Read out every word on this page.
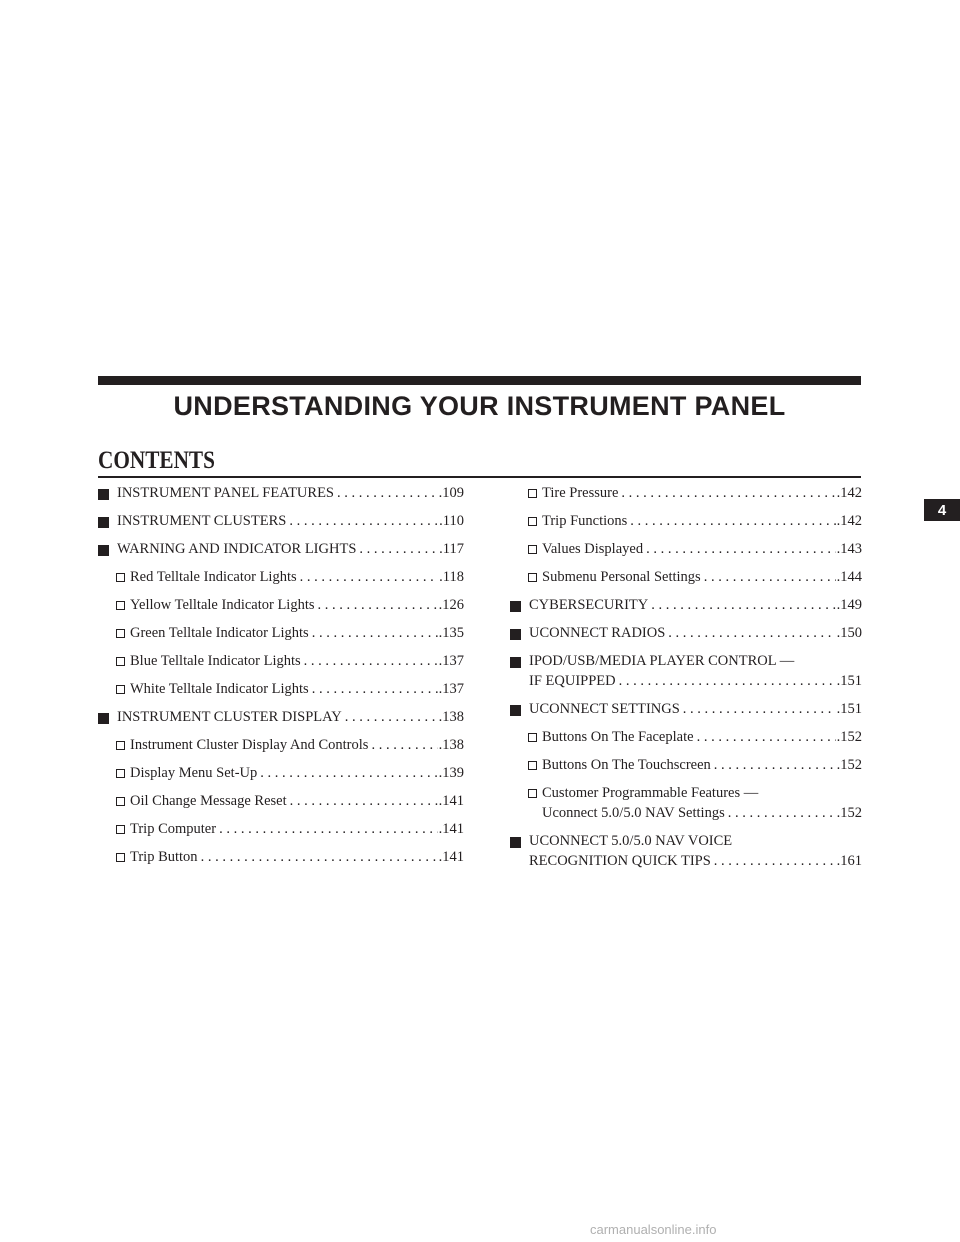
UNDERSTANDING YOUR INSTRUMENT PANEL
CONTENTS
4
INSTRUMENT PANEL FEATURES . . .	.109
INSTRUMENT CLUSTERS . . .	.110
WARNING AND INDICATOR LIGHTS . . .	.117
Red Telltale Indicator Lights . . .	.118
Yellow Telltale Indicator Lights . . .	.126
Green Telltale Indicator Lights . . .	.135
Blue Telltale Indicator Lights . . .	.137
White Telltale Indicator Lights . . .	.137
INSTRUMENT CLUSTER DISPLAY . . .	.138
Instrument Cluster Display And Controls . . .	.138
Display Menu Set-Up . . .	.139
Oil Change Message Reset . . .	.141
Trip Computer . . .	.141
Trip Button . . .	.141
Tire Pressure . . .	.142
Trip Functions . . .	.142
Values Displayed . . .	.143
Submenu Personal Settings . . .	.144
CYBERSECURITY . . .	.149
UCONNECT RADIOS . . .	.150
IPOD/USB/MEDIA PLAYER CONTROL —
IF EQUIPPED . . .	.151
UCONNECT SETTINGS . . .	.151
Buttons On The Faceplate . . .	.152
Buttons On The Touchscreen . . .	.152
Customer Programmable Features —
Uconnect 5.0/5.0 NAV Settings . . .	.152
UCONNECT 5.0/5.0 NAV VOICE
RECOGNITION QUICK TIPS . . .	.161
carmanualsonline.info
